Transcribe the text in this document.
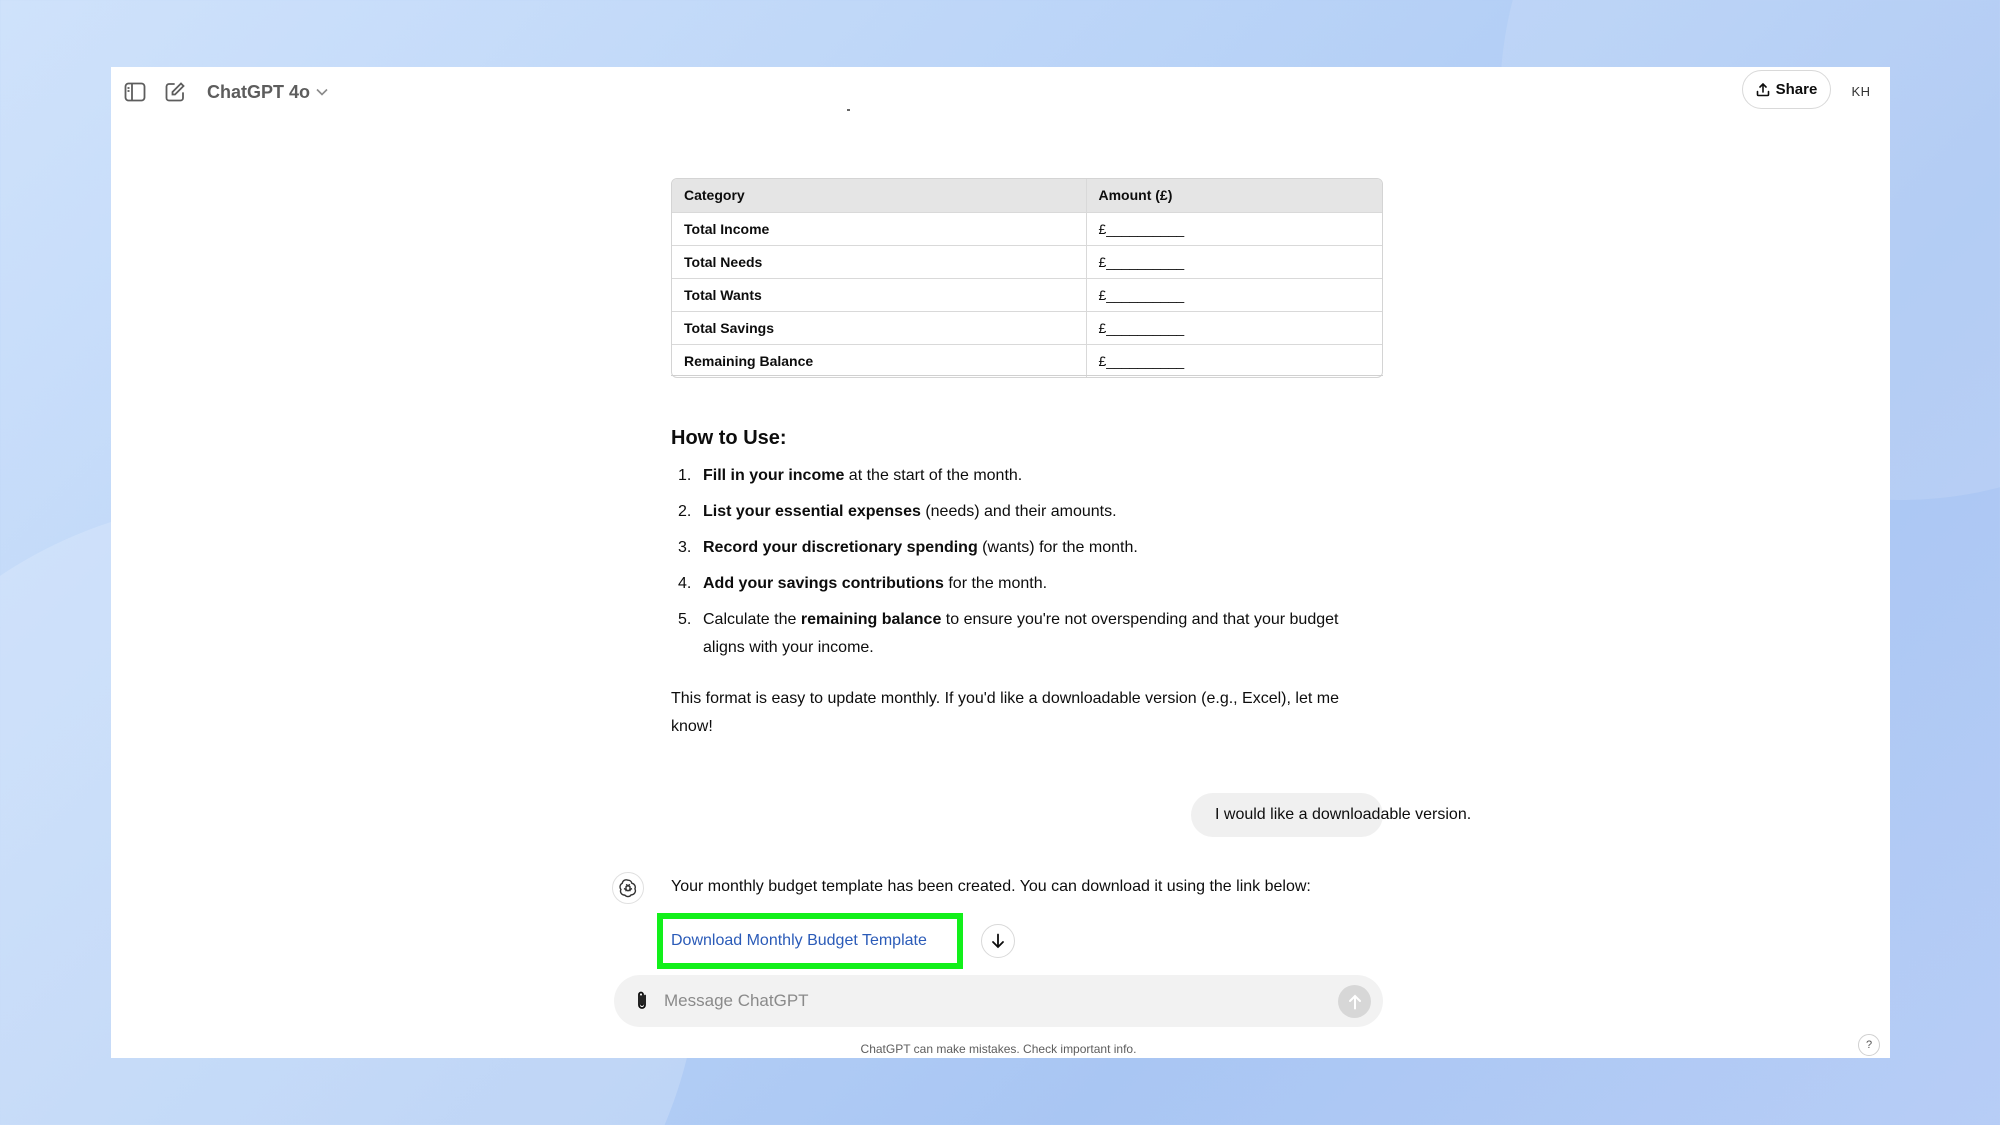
ChatGPT 4o	Share	KH
Category	Amount (£)
Total Income	£__________
Total Needs	£__________
Total Wants	£__________
Total Savings	£__________
Remaining Balance	£__________
How to Use:
1. Fill in your income at the start of the month.
2. List your essential expenses (needs) and their amounts.
3. Record your discretionary spending (wants) for the month.
4. Add your savings contributions for the month.
5. Calculate the remaining balance to ensure you're not overspending and that your budget aligns with your income.
This format is easy to update monthly. If you'd like a downloadable version (e.g., Excel), let me know!
I would like a downloadable version.
Your monthly budget template has been created. You can download it using the link below:
Download Monthly Budget Template
Message ChatGPT
ChatGPT can make mistakes. Check important info.	?
